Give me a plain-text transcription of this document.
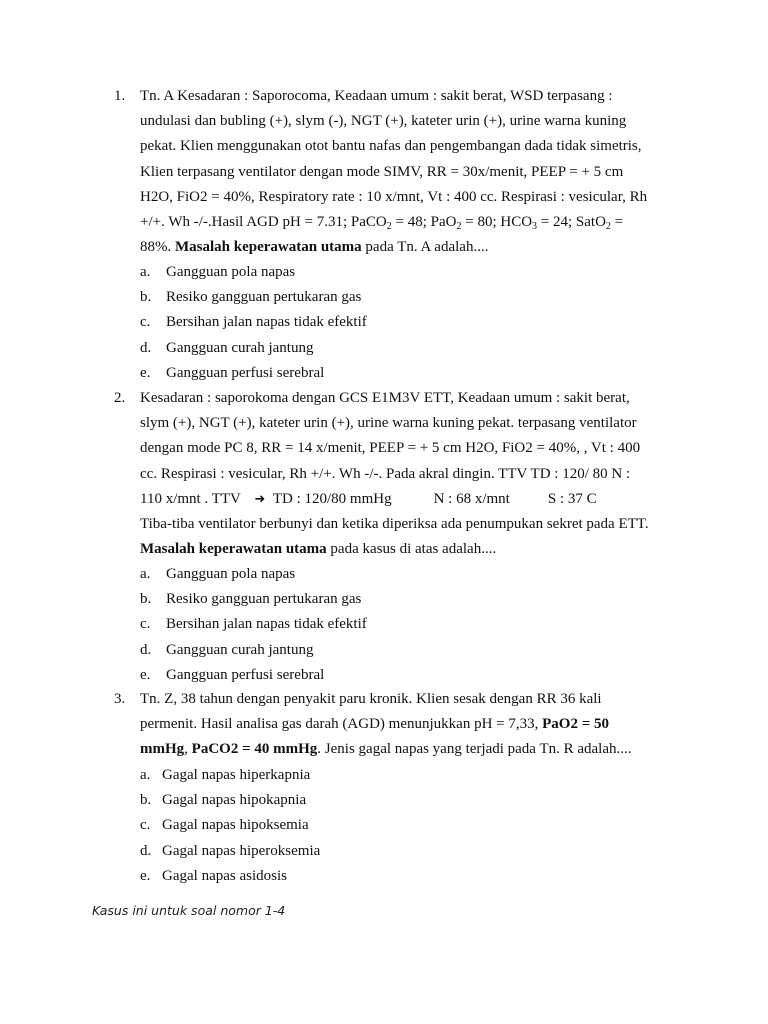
1. Tn. A Kesadaran : Saporocoma, Keadaan umum : sakit berat, WSD terpasang :
undulasi dan bubling (+), slym (-), NGT (+), kateter urin (+), urine warna kuning
pekat. Klien menggunakan otot bantu nafas dan pengembangan dada tidak simetris,
Klien terpasang ventilator dengan mode SIMV, RR = 30x/menit, PEEP = + 5 cm
H2O, FiO2 = 40%, Respiratory rate : 10 x/mnt, Vt : 400 cc. Respirasi : vesicular, Rh
+/+. Wh -/-.Hasil AGD pH = 7.31; PaCO$_2$ = 48; PaO$_2$ = 80; $HCO_3 = 24$; SatO$_2$ =
88%. Masalah keperawatan utama pada Tn. A adalah....
a. Gangguan pola napas
b. Resiko gangguan pertukaran gas
c. Bersihan jalan napas tidak efektif
d. Gangguan curah jantung
e. Gangguan perfusi serebral
2. Kesadaran : saporokoma dengan GCS E1M3V ETT, Keadaan umum : sakit berat,
slym (+), NGT (+), kateter urin (+), urine warna kuning pekat. terpasang ventilator
dengan mode PC 8, RR = 14 x/menit, PEEP = + 5 cm H2O, FiO2 = 40%, , Vt : 400
cc. Respirasi : vesicular, Rh +/+. Wh -/-. Pada akral dingin. TTV TD : 120/ 80 N :
110 x/mnt . TTV ➜ TD : 120/80 mmHg	N : 68 x/mnt	S : 37 C
Tiba-tiba ventilator berbunyi dan ketika diperiksa ada penumpukan sekret pada ETT.
Masalah keperawatan utama pada kasus di atas adalah....
a. Gangguan pola napas
b. Resiko gangguan pertukaran gas
c. Bersihan jalan napas tidak efektif
d. Gangguan curah jantung
e. Gangguan perfusi serebral
3. Tn. Z, 38 tahun dengan penyakit paru kronik. Klien sesak dengan RR 36 kali
permenit. Hasil analisa gas darah (AGD) menunjukkan pH = 7,33, PaO2 = 50
mmHg, PaCO2 = 40 mmHg. Jenis gagal napas yang terjadi pada Tn. R adalah....
a. Gagal napas hiperkapnia
b. Gagal napas hipokapnia
c. Gagal napas hipoksemia
d. Gagal napas hiperoksemia
e. Gagal napas asidosis
Kasus ini untuk soal nomor 1-4
